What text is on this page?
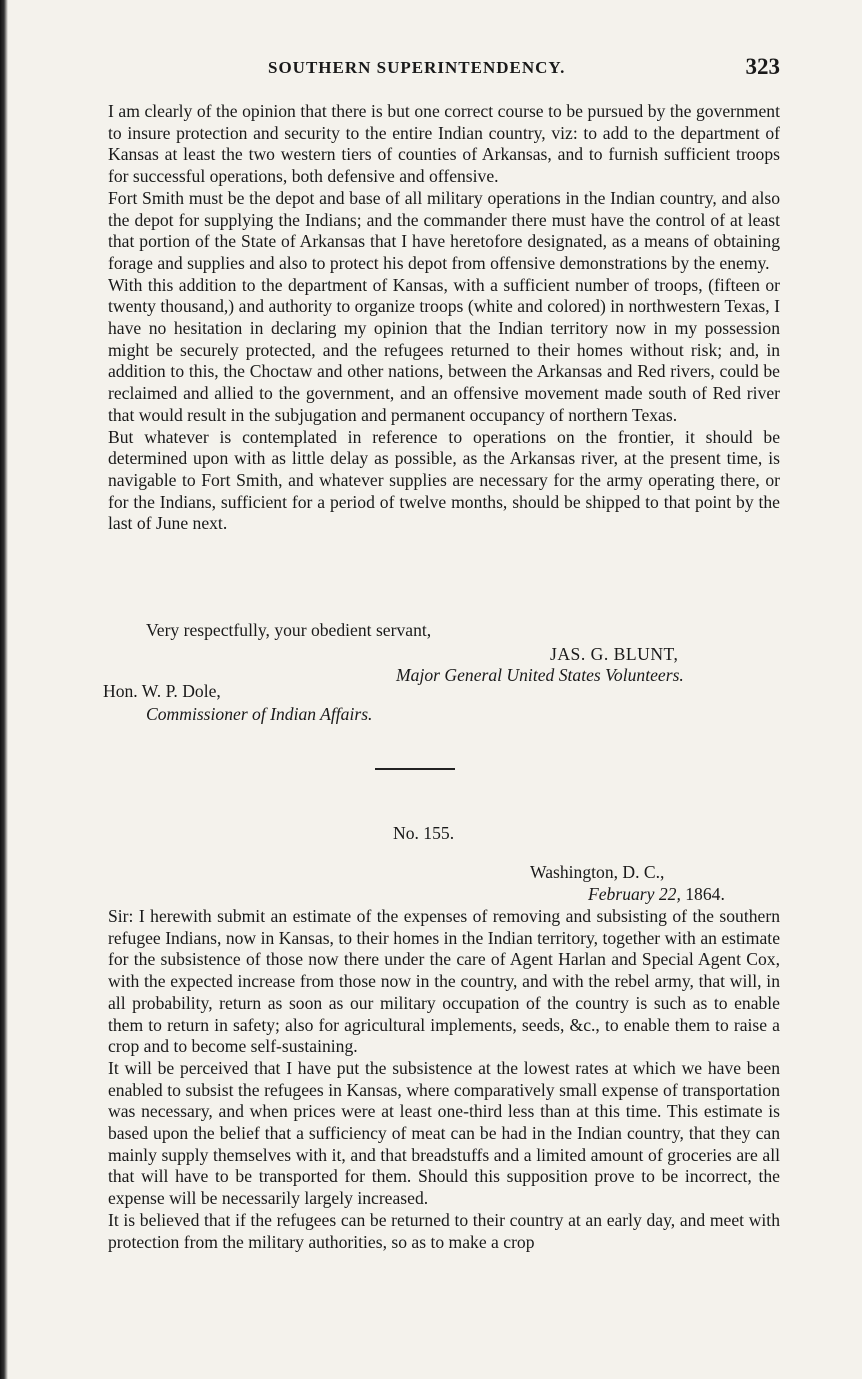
SOUTHERN SUPERINTENDENCY.	323

I am clearly of the opinion that there is but one correct course to be pursued by the government to insure protection and security to the entire Indian country, viz: to add to the department of Kansas at least the two western tiers of counties of Arkansas, and to furnish sufficient troops for successful operations, both defensive and offensive.

Fort Smith must be the depot and base of all military operations in the Indian country, and also the depot for supplying the Indians; and the commander there must have the control of at least that portion of the State of Arkansas that I have heretofore designated, as a means of obtaining forage and supplies and also to protect his depot from offensive demonstrations by the enemy.

With this addition to the department of Kansas, with a sufficient number of troops, (fifteen or twenty thousand,) and authority to organize troops (white and colored) in northwestern Texas, I have no hesitation in declaring my opinion that the Indian territory now in my possession might be securely protected, and the refugees returned to their homes without risk; and, in addition to this, the Choctaw and other nations, between the Arkansas and Red rivers, could be reclaimed and allied to the government, and an offensive movement made south of Red river that would result in the subjugation and permanent occupancy of northern Texas.

But whatever is contemplated in reference to operations on the frontier, it should be determined upon with as little delay as possible, as the Arkansas river, at the present time, is navigable to Fort Smith, and whatever supplies are necessary for the army operating there, or for the Indians, sufficient for a period of twelve months, should be shipped to that point by the last of June next.

Very respectfully, your obedient servant,
JAS. G. BLUNT,
Major General United States Volunteers.
Hon. W. P. Dole,
Commissioner of Indian Affairs.
No. 155.
Washington, D. C.,
February 22, 1864.

Sir: I herewith submit an estimate of the expenses of removing and subsisting of the southern refugee Indians, now in Kansas, to their homes in the Indian territory, together with an estimate for the subsistence of those now there under the care of Agent Harlan and Special Agent Cox, with the expected increase from those now in the country, and with the rebel army, that will, in all probability, return as soon as our military occupation of the country is such as to enable them to return in safety; also for agricultural implements, seeds, &c., to enable them to raise a crop and to become self-sustaining.

It will be perceived that I have put the subsistence at the lowest rates at which we have been enabled to subsist the refugees in Kansas, where comparatively small expense of transportation was necessary, and when prices were at least one-third less than at this time. This estimate is based upon the belief that a sufficiency of meat can be had in the Indian country, that they can mainly supply themselves with it, and that breadstuffs and a limited amount of groceries are all that will have to be transported for them. Should this supposition prove to be incorrect, the expense will be necessarily largely increased.

It is believed that if the refugees can be returned to their country at an early day, and meet with protection from the military authorities, so as to make a crop
